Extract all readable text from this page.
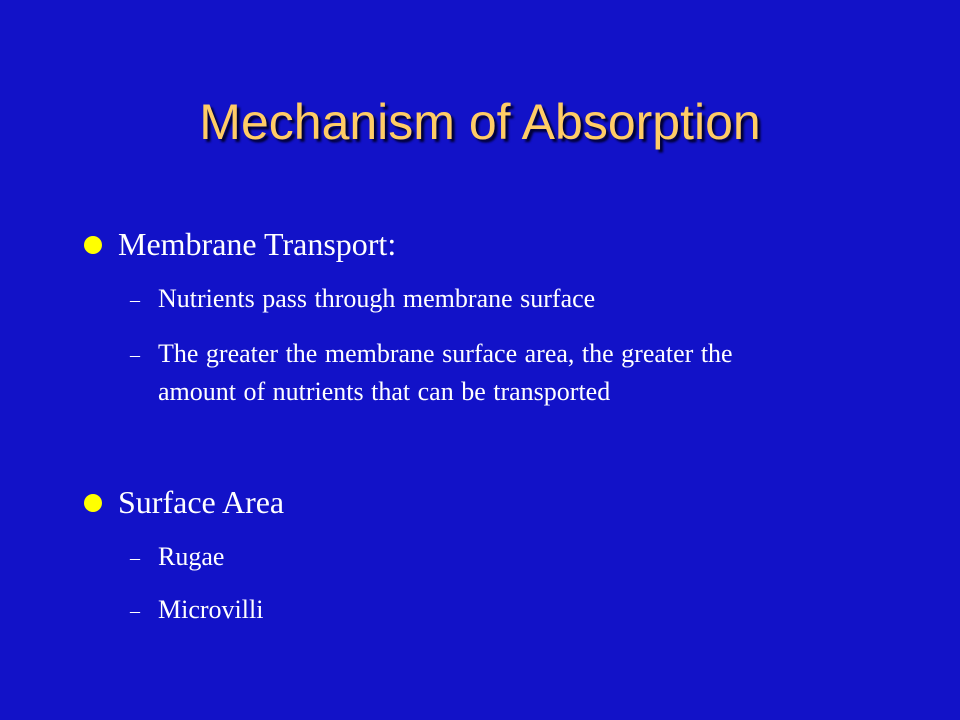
Mechanism of Absorption
Membrane Transport:
– Nutrients pass through membrane surface
– The greater the membrane surface area, the greater the amount of nutrients that can be transported
Surface Area
– Rugae
– Microvilli
